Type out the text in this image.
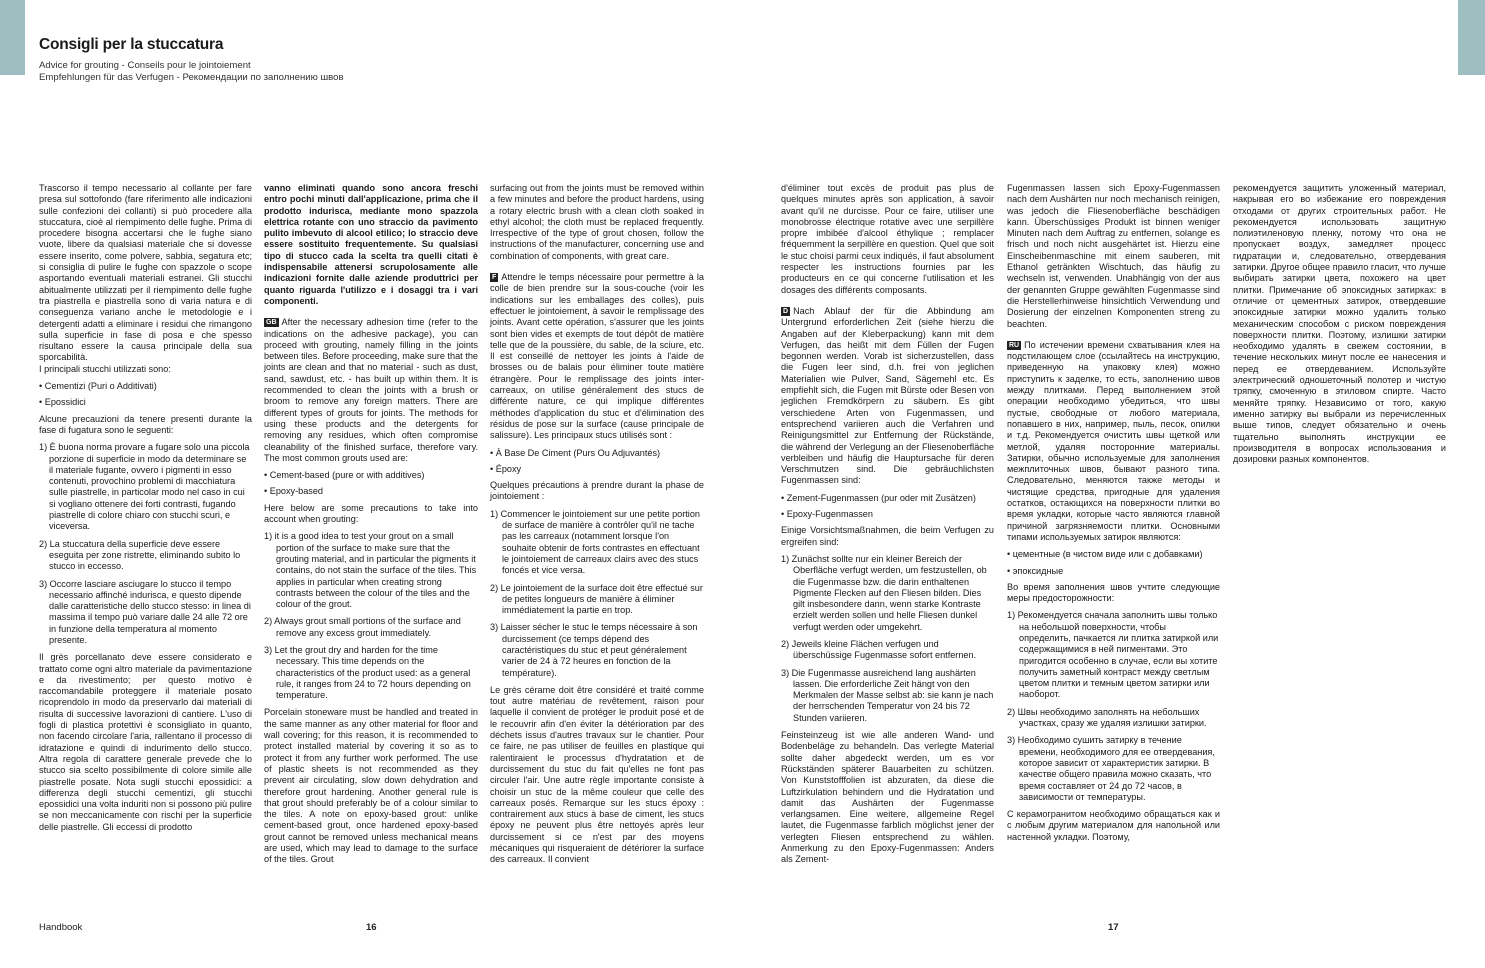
Consigli per la stuccatura
Advice for grouting - Conseils pour le jointoiement
Empfehlungen für das Verfugen - Рекомендации по заполнению швов

Trascorso il tempo necessario al collante per fare presa sul sottofondo (fare riferimento alle indicazioni sulle confezioni dei collanti) si può procedere alla stuccatura, cioè al riempimento delle fughe. Prima di procedere bisogna accertarsi che le fughe siano vuote, libere da qualsiasi materiale che si dovesse essere inserito, come polvere, sabbia, segatura etc; si consiglia di pulire le fughe con spazzole o scope asportando eventuali materiali estranei. Gli stucchi abitualmente utilizzati per il riempimento delle fughe tra piastrella e piastrella sono di varia natura e di conseguenza variano anche le metodologie e i detergenti adatti a eliminare i residui che rimangono sulla superficie in fase di posa e che spesso risultano essere la causa principale della sua sporcabilità.

I principali stucchi utilizzati sono:

• Cementizi (Puri o Additivati)

• Epossidici

Alcune precauzioni da tenere presenti durante la fase di fugatura sono le seguenti:

1) È buona norma provare a fugare solo una piccola porzione di superficie in modo da determinare se il materiale fugante, ovvero i pigmenti in esso contenuti, provochino problemi di macchiatura sulle piastrelle, in particolar modo nel caso in cui si vogliano ottenere dei forti contrasti, fugando piastrelle di colore chiaro con stucchi scuri, e viceversa.

2) La stuccatura della superficie deve essere eseguita per zone ristrette, eliminando subito lo stucco in eccesso.

3) Occorre lasciare asciugare lo stucco il tempo necessario affinché indurisca, e questo dipende dalle caratteristiche dello stucco stesso: in linea di massima il tempo può variare dalle 24 alle 72 ore in funzione della temperatura al momento presente.

Il grès porcellanato deve essere considerato e trattato come ogni altro materiale da pavimentazione e da rivestimento; per questo motivo è raccomandabile proteggere il materiale posato ricoprendolo in modo da preservarlo dai materiali di risulta di successive lavorazioni di cantiere. L'uso di fogli di plastica protettivi è sconsigliato in quanto, non facendo circolare l'aria, rallentano il processo di idratazione e quindi di indurimento dello stucco. Altra regola di carattere generale prevede che lo stucco sia scelto possibilmente di colore simile alle piastrelle posate. Nota sugli stucchi epossidici: a differenza degli stucchi cementizi, gli stucchi epossidici una volta induriti non si possono più pulire se non meccanicamente con rischi per la superficie delle piastrelle. Gli eccessi di prodotto

vanno eliminati quando sono ancora freschi entro pochi minuti dall'applicazione, prima che il prodotto indurisca, mediante mono spazzola elettrica rotante con uno straccio da pavimento pulito imbevuto di alcool etilico; lo straccio deve essere sostituito frequentemente. Su qualsiasi tipo di stucco cada la scelta tra quelli citati è indispensabile attenersi scrupolosamente alle indicazioni fornite dalle aziende produttrici per quanto riguarda l'utilizzo e i dosaggi tra i vari componenti.

GB After the necessary adhesion time (refer to the indications on the adhesive package), you can proceed with grouting, namely filling in the joints between tiles. Before proceeding, make sure that the joints are clean and that no material - such as dust, sand, sawdust, etc. - has built up within them. It is recommended to clean the joints with a brush or broom to remove any foreign matters. There are different types of grouts for joints. The methods for using these products and the detergents for removing any residues, which often compromise cleanability of the finished surface, therefore vary. The most common grouts used are:

• Cement-based (pure or with additives)

• Epoxy-based

Here below are some precautions to take into account when grouting:

1) it is a good idea to test your grout on a small portion of the surface to make sure that the grouting material, and in particular the pigments it contains, do not stain the surface of the tiles. This applies in particular when creating strong contrasts between the colour of the tiles and the colour of the grout.

2) Always grout small portions of the surface and remove any excess grout immediately.

3) Let the grout dry and harden for the time necessary. This time depends on the characteristics of the product used: as a general rule, it ranges from 24 to 72 hours depending on temperature.

Porcelain stoneware must be handled and treated in the same manner as any other material for floor and wall covering; for this reason, it is recommended to protect installed material by covering it so as to protect it from any further work performed. The use of plastic sheets is not recommended as they prevent air circulating, slow down dehydration and therefore grout hardening. Another general rule is that grout should preferably be of a colour similar to the tiles. A note on epoxy-based grout: unlike cement-based grout, once hardened epoxy-based grout cannot be removed unless mechanical means are used, which may lead to damage to the surface of the tiles. Grout

surfacing out from the joints must be removed within a few minutes and before the product hardens, using a rotary electric brush with a clean cloth soaked in ethyl alcohol; the cloth must be replaced frequently. Irrespective of the type of grout chosen, follow the instructions of the manufacturer, concerning use and combination of components, with great care.

F Attendre le temps nécessaire pour permettre à la colle de bien prendre sur la sous-couche (voir les indications sur les emballages des colles), puis effectuer le jointoiement, à savoir le remplissage des joints. Avant cette opération, s'assurer que les joints sont bien vides et exempts de tout dépôt de matière telle que de la poussière, du sable, de la sciure, etc. Il est conseillé de nettoyer les joints à l'aide de brosses ou de balais pour éliminer toute matière étrangère. Pour le remplissage des joints inter-carreaux, on utilise généralement des stucs de différente nature, ce qui implique différentes méthodes d'application du stuc et d'élimination des résidus de pose sur la surface (cause principale de salissure). Les principaux stucs utilisés sont :

• À Base De Ciment (Purs Ou Adjuvantés)

• Époxy

Quelques précautions à prendre durant la phase de jointoiement :

1) Commencer le jointoiement sur une petite portion de surface de manière à contrôler qu'il ne tache pas les carreaux (notamment lorsque l'on souhaite obtenir de forts contrastes en effectuant le jointoiement de carreaux clairs avec des stucs foncés et vice versa.

2) Le jointoiement de la surface doit être effectué sur de petites longueurs de manière à éliminer immédiatement la partie en trop.

3) Laisser sécher le stuc le temps nécessaire à son durcissement (ce temps dépend des caractéristiques du stuc et peut généralement varier de 24 à 72 heures en fonction de la température).

Le grès cérame doit être considéré et traité comme tout autre matériau de revêtement, raison pour laquelle il convient de protéger le produit posé et de le recouvrir afin d'en éviter la détérioration par des déchets issus d'autres travaux sur le chantier. Pour ce faire, ne pas utiliser de feuilles en plastique qui ralentiraient le processus d'hydratation et de durcissement du stuc du fait qu'elles ne font pas circuler l'air. Une autre règle importante consiste à choisir un stuc de la même couleur que celle des carreaux posés. Remarque sur les stucs époxy : contrairement aux stucs à base de ciment, les stucs époxy ne peuvent plus être nettoyés après leur durcissement si ce n'est par des moyens mécaniques qui risqueraient de détériorer la surface des carreaux. Il convient

d'éliminer tout excès de produit pas plus de quelques minutes après son application, à savoir avant qu'il ne durcisse. Pour ce faire, utiliser une monobrosse électrique rotative avec une serpillère propre imbibée d'alcool éthylique ; remplacer fréquemment la serpillère en question. Quel que soit le stuc choisi parmi ceux indiqués, il faut absolument respecter les instructions fournies par les producteurs en ce qui concerne l'utilisation et les dosages des différents composants.

D Nach Ablauf der für die Abbindung am Untergrund erforderlichen Zeit (siehe hierzu die Angaben auf der Kleberpackung) kann mit dem Verfugen, das heißt mit dem Füllen der Fugen begonnen werden. Vorab ist sicherzustellen, dass die Fugen leer sind, d.h. frei von jeglichen Materialien wie Pulver, Sand, Sägemehl etc. Es empfiehlt sich, die Fugen mit Bürste oder Besen von jeglichen Fremdkörpern zu säubern. Es gibt verschiedene Arten von Fugenmassen, und entsprechend variieren auch die Verfahren und Reinigungsmittel zur Entfernung der Rückstände, die während der Verlegung an der Fliesenoberfläche verbleiben und häufig die Hauptursache für deren Verschmutzen sind. Die gebräuchlichsten Fugenmassen sind:

• Zement-Fugenmassen (pur oder mit Zusätzen)

• Epoxy-Fugenmassen

Einige Vorsichtsmaßnahmen, die beim Verfugen zu ergreifen sind:

1) Zunächst sollte nur ein kleiner Bereich der Oberfläche verfugt werden, um festzustellen, ob die Fugenmasse bzw. die darin enthaltenen Pigmente Flecken auf den Fliesen bilden. Dies gilt insbesondere dann, wenn starke Kontraste erzielt werden sollen und helle Fliesen dunkel verfugt werden oder umgekehrt.

2) Jeweils kleine Flächen verfugen und überschüssige Fugenmasse sofort entfernen.

3) Die Fugenmasse ausreichend lang aushärten lassen. Die erforderliche Zeit hängt von den Merkmalen der Masse selbst ab: sie kann je nach der herrschenden Temperatur von 24 bis 72 Stunden variieren.

Feinsteinzeug ist wie alle anderen Wand- und Bodenbeläge zu behandeln. Das verlegte Material sollte daher abgedeckt werden, um es vor Rückständen späterer Bauarbeiten zu schützen. Von Kunststofffolien ist abzuraten, da diese die Luftzirkulation behindern und die Hydratation und damit das Aushärten der Fugenmasse verlangsamen. Eine weitere, allgemeine Regel lautet, die Fugenmasse farblich möglichst jener der verlegten Fliesen entsprechend zu wählen. Anmerkung zu den Epoxy-Fugenmassen: Anders als Zement-

Fugenmassen lassen sich Epoxy-Fugenmassen nach dem Aushärten nur noch mechanisch reinigen, was jedoch die Fliesenoberfläche beschädigen kann. Überschüssiges Produkt ist binnen weniger Minuten nach dem Auftrag zu entfernen, solange es frisch und noch nicht ausgehärtet ist. Hierzu eine Einscheibenmaschine mit einem sauberen, mit Ethanol getränkten Wischtuch, das häufig zu wechseln ist, verwenden. Unabhängig von der aus der genannten Gruppe gewählten Fugenmasse sind die Herstellerhinweise hinsichtlich Verwendung und Dosierung der einzelnen Komponenten streng zu beachten.

RU По истечении времени схватывания клея на подстилающем слое (ссылайтесь на инструкцию, приведенную на упаковку клея) можно приступить к заделке, то есть, заполнению швов между плитками. Перед выполнением этой операции необходимо убедиться, что швы пустые, свободные от любого материала, попавшего в них, например, пыль, песок, опилки и т.д. Рекомендуется очистить швы щеткой или метлой, удаляя посторонние материалы. Затирки, обычно используемые для заполнения межплиточных швов, бывают разного типа. Следовательно, меняются также методы и чистящие средства, пригодные для удаления остатков, остающихся на поверхности плитки во время укладки, которые часто являются главной причиной загрязняемости плитки. Основными типами используемых затирок являются:

• цементные (в чистом виде или с добавками)

• эпоксидные

Во время заполнения швов учтите следующие меры предосторожности:

1) Рекомендуется сначала заполнить швы только на небольшой поверхности, чтобы определить, пачкается ли плитка затиркой или содержащимися в ней пигментами. Это пригодится особенно в случае, если вы хотите получить заметный контраст между светлым цветом плитки и темным цветом затирки или наоборот.

2) Швы необходимо заполнять на небольших участках, сразу же удаляя излишки затирки.

3) Необходимо сушить затирку в течение времени, необходимого для ее отвердевания, которое зависит от характеристик затирки. В качестве общего правила можно сказать, что время составляет от 24 до 72 часов, в зависимости от температуры.

С керамогранитом необходимо обращаться как и с любым другим материалом для напольной или настенной укладки. Поэтому,

рекомендуется защитить уложенный материал, накрывая его во избежание его повреждения отходами от других строительных работ. Не рекомендуется использовать защитную полиэтиленовую пленку, потому что она не пропускает воздух, замедляет процесс гидратации и, следовательно, отвердевания затирки. Другое общее правило гласит, что лучше выбирать затирки цвета, похожего на цвет плитки. Примечание об эпоксидных затирках: в отличие от цементных затирок, отвердевшие эпоксидные затирки можно удалить только механическим способом с риском повреждения поверхности плитки. Поэтому, излишки затирки необходимо удалять в свежем состоянии, в течение нескольких минут после ее нанесения и перед ее отвердеванием. Используйте электрический одношеточный полотер и чистую тряпку, смоченную в этиловом спирте. Часто меняйте тряпку. Независимо от того, какую именно затирку вы выбрали из перечисленных выше типов, следует обязательно и очень тщательно выполнять инструкции ее производителя в вопросах использования и дозировки разных компонентов.

Handbook	16	17
